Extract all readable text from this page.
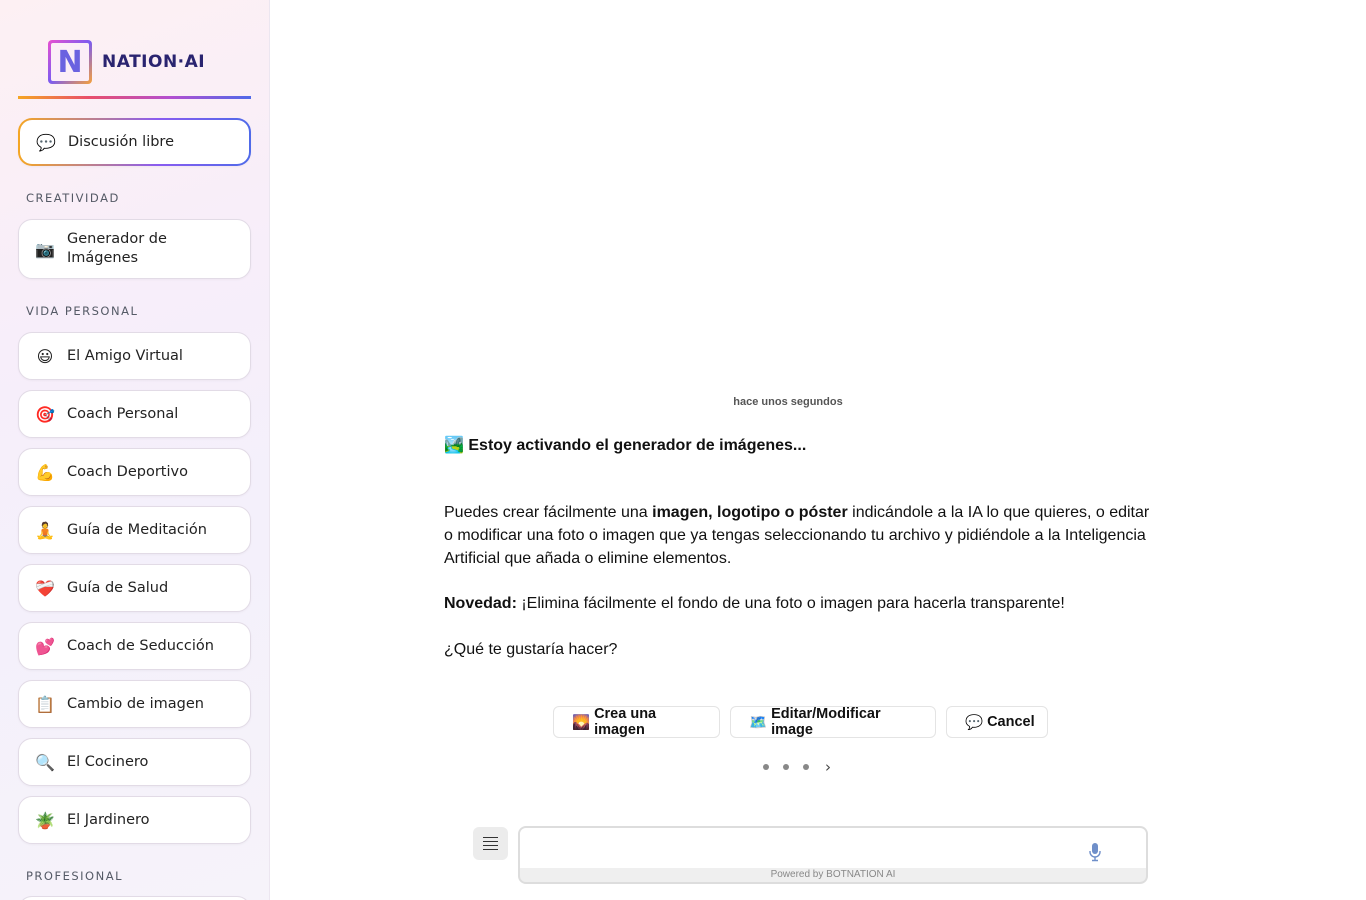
N	NATION·AI
💬 Discusión libre
CREATIVIDAD
📷
Generador de
Imágenes
VIDA PERSONAL
😃 El Amigo Virtual
🎯 Coach Personal
💪 Coach Deportivo
🧘 Guía de Meditación
❤️‍🩹 Guía de Salud
💕 Coach de Seducción
📋 Cambio de imagen
🔍 El Cocinero
🪴 El Jardinero
PROFESIONAL
hace unos segundos
🏞️ Estoy activando el generador de imágenes...
Puedes crear fácilmente una imagen, logotipo o póster indicándole a la IA lo que quieres, o editar o modificar una foto o imagen que ya tengas seleccionando tu archivo y pidiéndole a la Inteligencia Artificial que añada o elimine elementos.
Novedad: ¡Elimina fácilmente el fondo de una foto o imagen para hacerla transparente!
¿Qué te gustaría hacer?
🌄
Crea una imagen	🗺️
Editar/Modificar image	💬 Cancel
›
Powered by BOTNATION AI
